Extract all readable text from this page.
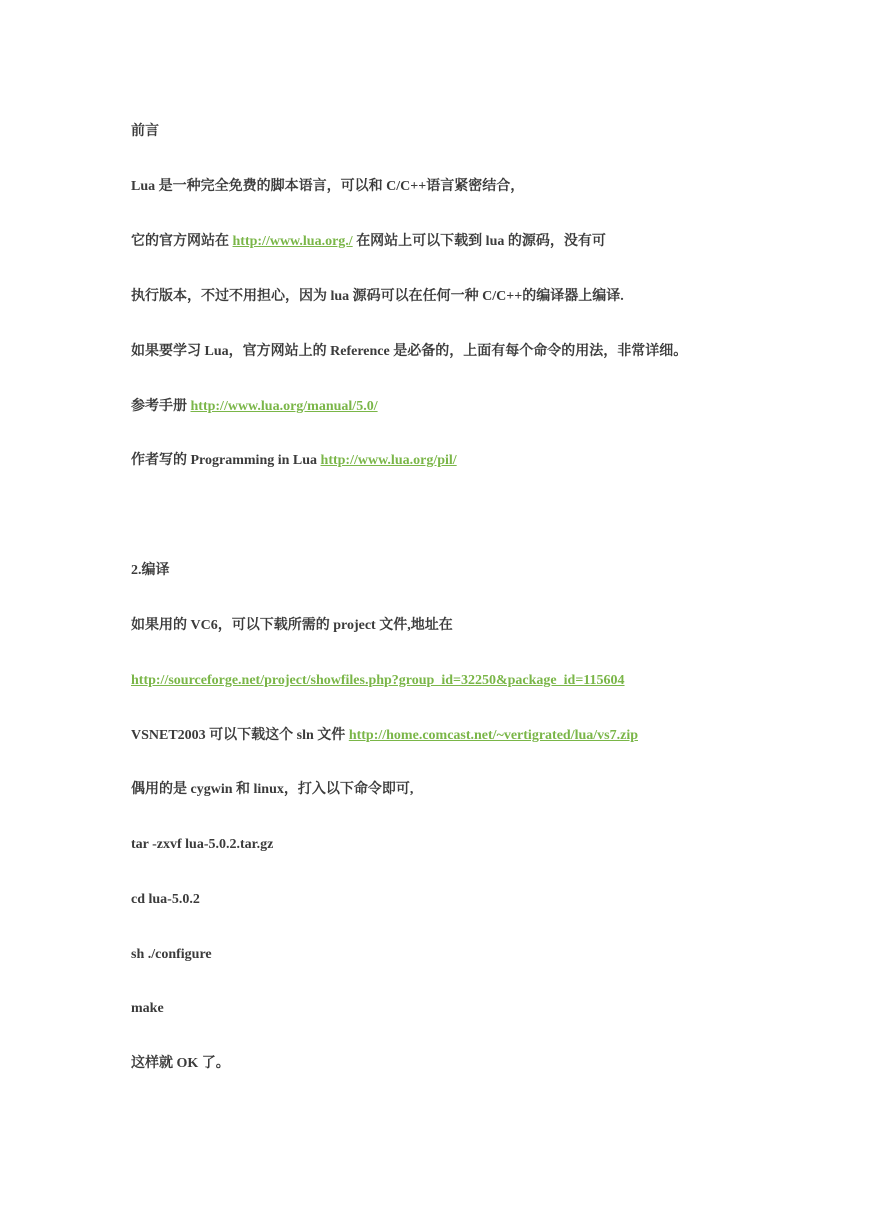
前言
Lua 是一种完全免费的脚本语言，可以和 C/C++语言紧密结合，
它的官方网站在 http://www.lua.org./ 在网站上可以下载到 lua 的源码，没有可
执行版本，不过不用担心，因为 lua 源码可以在任何一种 C/C++的编译器上编译.
如果要学习 Lua，官方网站上的 Reference 是必备的，上面有每个命令的用法，非常详细。
参考手册 http://www.lua.org/manual/5.0/
作者写的 Programming in Lua http://www.lua.org/pil/
2.编译
如果用的 VC6，可以下载所需的 project 文件,地址在
http://sourceforge.net/project/showfiles.php?group_id=32250&package_id=115604
VSNET2003 可以下载这个 sln 文件 http://home.comcast.net/~vertigrated/lua/vs7.zip
偶用的是 cygwin 和 linux，打入以下命令即可,
tar -zxvf lua-5.0.2.tar.gz
cd lua-5.0.2
sh ./configure
make
这样就 OK 了。
